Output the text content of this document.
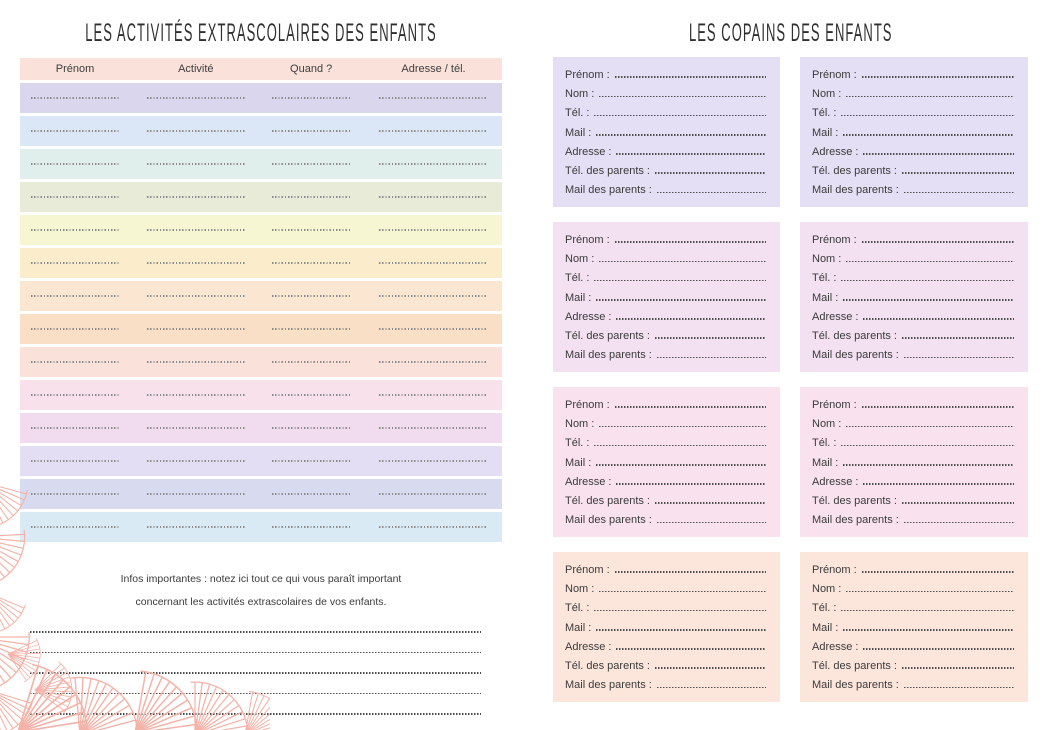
LES ACTIVITÉS EXTRASCOLAIRES DES ENFANTS
Prénom	Activité	Quand ?	Adresse / tél.

Infos importantes : notez ici tout ce qui vous paraît important

concernant les activités extrascolaires de vos enfants.

LES COPAINS DES ENFANTS
Prénom :
Nom :
Tél. :
Mail :
Adresse :
Tél. des parents :
Mail des parents :
Prénom :
Nom :
Tél. :
Mail :
Adresse :
Tél. des parents :
Mail des parents :
Prénom :
Nom :
Tél. :
Mail :
Adresse :
Tél. des parents :
Mail des parents :
Prénom :
Nom :
Tél. :
Mail :
Adresse :
Tél. des parents :
Mail des parents :
Prénom :
Nom :
Tél. :
Mail :
Adresse :
Tél. des parents :
Mail des parents :
Prénom :
Nom :
Tél. :
Mail :
Adresse :
Tél. des parents :
Mail des parents :
Prénom :
Nom :
Tél. :
Mail :
Adresse :
Tél. des parents :
Mail des parents :
Prénom :
Nom :
Tél. :
Mail :
Adresse :
Tél. des parents :
Mail des parents :
